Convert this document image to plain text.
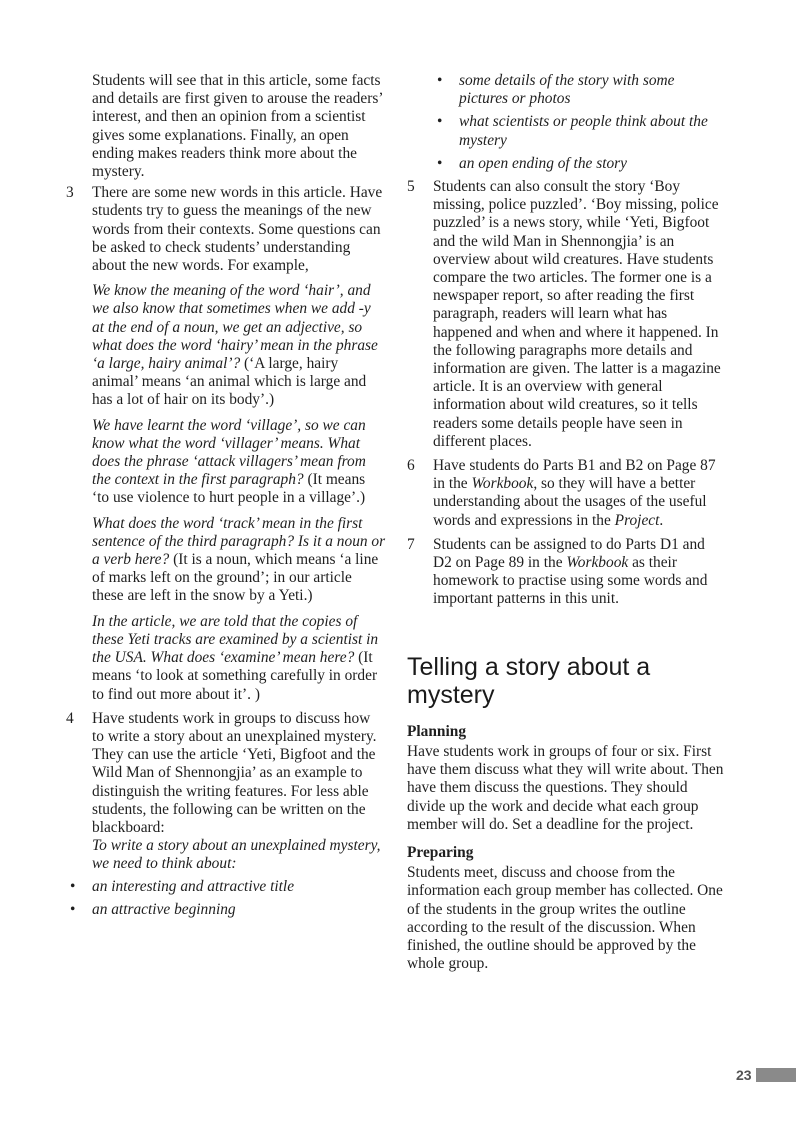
Students will see that in this article, some facts and details are first given to arouse the readers’ interest, and then an opinion from a scientist gives some explanations. Finally, an open ending makes readers think more about the mystery.

3 There are some new words in this article. Have students try to guess the meanings of the new words from their contexts. Some questions can be asked to check students’ understanding about the new words. For example,

We know the meaning of the word ‘hair’, and we also know that sometimes when we add -y at the end of a noun, we get an adjective, so what does the word ‘hairy’ mean in the phrase ‘a large, hairy animal’? (‘A large, hairy animal’ means ‘an animal which is large and has a lot of hair on its body’.)

We have learnt the word ‘village’, so we can know what the word ‘villager’ means. What does the phrase ‘attack villagers’ mean from the context in the first paragraph? (It means ‘to use violence to hurt people in a village’.)

What does the word ‘track’ mean in the first sentence of the third paragraph? Is it a noun or a verb here? (It is a noun, which means ‘a line of marks left on the ground’; in our article these are left in the snow by a Yeti.)

In the article, we are told that the copies of these Yeti tracks are examined by a scientist in the USA. What does ‘examine’ mean here? (It means ‘to look at something carefully in order to find out more about it’. )

4 Have students work in groups to discuss how to write a story about an unexplained mystery. They can use the article ‘Yeti, Bigfoot and the Wild Man of Shennongjia’ as an example to distinguish the writing features. For less able students, the following can be written on the blackboard:

To write a story about an unexplained mystery, we need to think about:

• an interesting and attractive title
• an attractive beginning
• some details of the story with some pictures or photos
• what scientists or people think about the mystery
• an open ending of the story
5 Students can also consult the story ‘Boy missing, police puzzled’. ‘Boy missing, police puzzled’ is a news story, while ‘Yeti, Bigfoot and the wild Man in Shennongjia’ is an overview about wild creatures. Have students compare the two articles. The former one is a newspaper report, so after reading the first paragraph, readers will learn what has happened and when and where it happened. In the following paragraphs more details and information are given. The latter is a magazine article. It is an overview with general information about wild creatures, so it tells readers some details people have seen in different places.

6 Have students do Parts B1 and B2 on Page 87 in the Workbook, so they will have a better understanding about the usages of the useful words and expressions in the Project.

7 Students can be assigned to do Parts D1 and D2 on Page 89 in the Workbook as their homework to practise using some words and important patterns in this unit.

Telling a story about a mystery
Planning

Have students work in groups of four or six. First have them discuss what they will write about. Then have them discuss the questions. They should divide up the work and decide what each group member will do. Set a deadline for the project.

Preparing

Students meet, discuss and choose from the information each group member has collected. One of the students in the group writes the outline according to the result of the discussion. When finished, the outline should be approved by the whole group.

23
